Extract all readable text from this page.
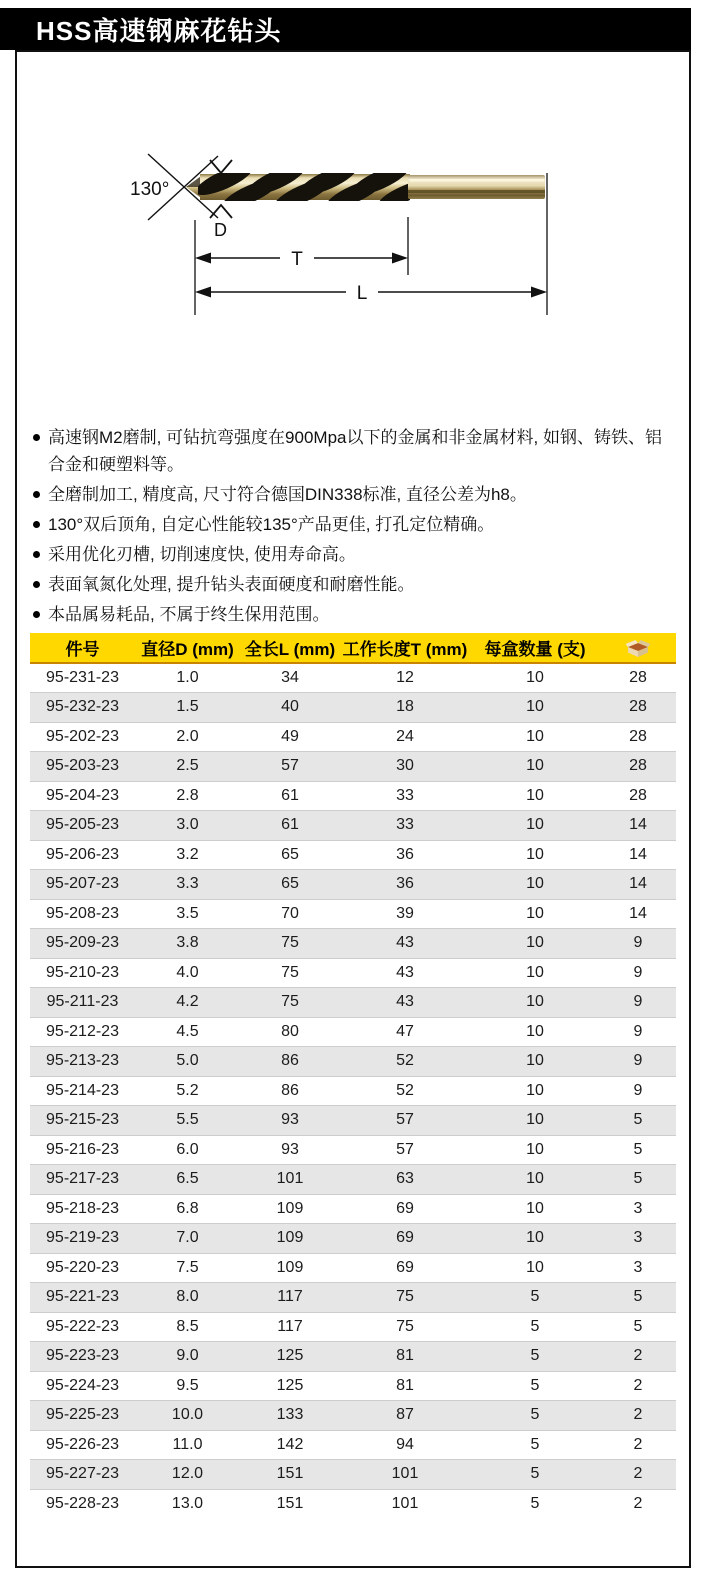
HSS高速钢麻花钻头
130°
D
T
L
高速钢M2磨制, 可钻抗弯强度在900Mpa以下的金属和非金属材料, 如钢、铸铁、铝合金和硬塑料等。
全磨制加工, 精度高, 尺寸符合德国DIN338标准, 直径公差为h8。
130°双后顶角, 自定心性能较135°产品更佳, 打孔定位精确。
采用优化刃槽, 切削速度快, 使用寿命高。
表面氧氮化处理, 提升钻头表面硬度和耐磨性能。
本品属易耗品, 不属于终生保用范围。
件号	直径D (mm)	全长L (mm)	工作长度T (mm)	每盒数量 (支)	
95-231-23	1.0	34	12	10	28
95-232-23	1.5	40	18	10	28
95-202-23	2.0	49	24	10	28
95-203-23	2.5	57	30	10	28
95-204-23	2.8	61	33	10	28
95-205-23	3.0	61	33	10	14
95-206-23	3.2	65	36	10	14
95-207-23	3.3	65	36	10	14
95-208-23	3.5	70	39	10	14
95-209-23	3.8	75	43	10	9
95-210-23	4.0	75	43	10	9
95-211-23	4.2	75	43	10	9
95-212-23	4.5	80	47	10	9
95-213-23	5.0	86	52	10	9
95-214-23	5.2	86	52	10	9
95-215-23	5.5	93	57	10	5
95-216-23	6.0	93	57	10	5
95-217-23	6.5	101	63	10	5
95-218-23	6.8	109	69	10	3
95-219-23	7.0	109	69	10	3
95-220-23	7.5	109	69	10	3
95-221-23	8.0	117	75	5	5
95-222-23	8.5	117	75	5	5
95-223-23	9.0	125	81	5	2
95-224-23	9.5	125	81	5	2
95-225-23	10.0	133	87	5	2
95-226-23	11.0	142	94	5	2
95-227-23	12.0	151	101	5	2
95-228-23	13.0	151	101	5	2
